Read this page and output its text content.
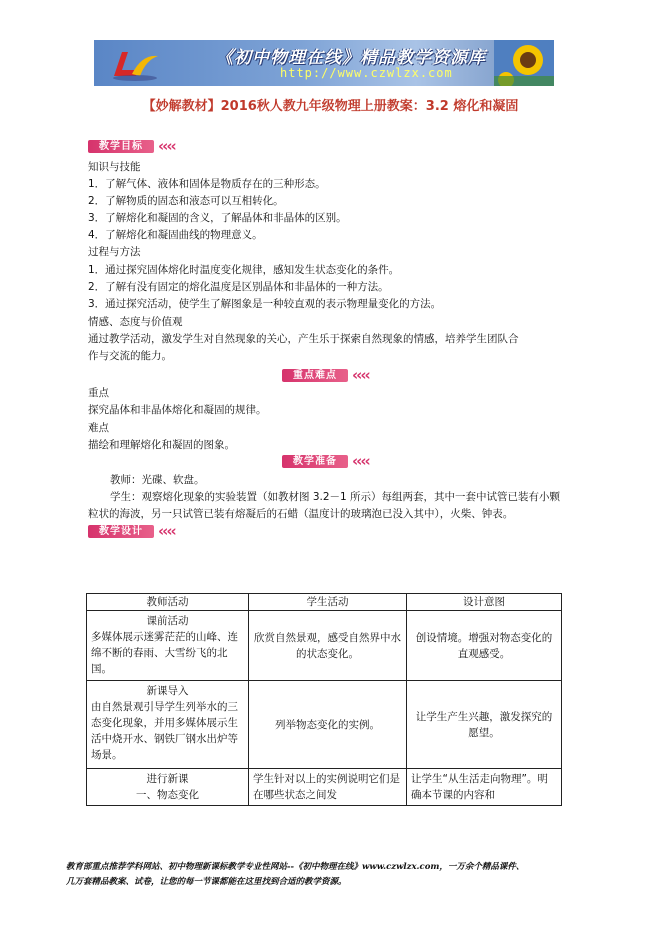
《初中物理在线》精品教学资源库
http://www.czwlzx.com
【妙解教材】2016秋人教九年级物理上册教案：3.2 熔化和凝固
教学目标	‹‹‹‹
知识与技能
1．了解气体、液体和固体是物质存在的三种形态。
2．了解物质的固态和液态可以互相转化。
3．了解熔化和凝固的含义，了解晶体和非晶体的区别。
4．了解熔化和凝固曲线的物理意义。
过程与方法
1．通过探究固体熔化时温度变化规律，感知发生状态变化的条件。
2．了解有没有固定的熔化温度是区别晶体和非晶体的一种方法。
3．通过探究活动，使学生了解图象是一种较直观的表示物理量变化的方法。
情感、态度与价值观
通过教学活动，激发学生对自然现象的关心，产生乐于探索自然现象的情感，培养学生团队合
作与交流的能力。
重点难点	‹‹‹‹
重点
探究晶体和非晶体熔化和凝固的规律。
难点
描绘和理解熔化和凝固的图象。
教学准备	‹‹‹‹
教师：光碟、软盘。
学生：观察熔化现象的实验装置（如教材图 3.2－1 所示）每组两套，其中一套中试管已装有小颗
粒状的海波，另一只试管已装有熔凝后的石蜡（温度计的玻璃泡已没入其中），火柴、钟表。
教学设计	‹‹‹‹
教师活动	学生活动	设计意图

课前活动
多媒体展示迷雾茫茫的山峰、连绵不断的春雨、大雪纷飞的北国。	欣赏自然景观，感受自然界中水的状态变化。	创设情境。增强对物态变化的直观感受。

新课导入
由自然景观引导学生列举水的三态变化现象，并用多媒体展示生活中烧开水、钢铁厂钢水出炉等场景。	列举物态变化的实例。	让学生产生兴趣，激发探究的愿望。

进行新课
一、物态变化	学生针对以上的实例说明它们是在哪些状态之间发	让学生“从生活走向物理”。明确本节课的内容和
教育部重点推荐学科网站、初中物理新课标教学专业性网站--《初中物理在线》www.czwlzx.com，一万余个精品课件、
几万套精品教案、试卷，让您的每一节课都能在这里找到合适的教学资源。
